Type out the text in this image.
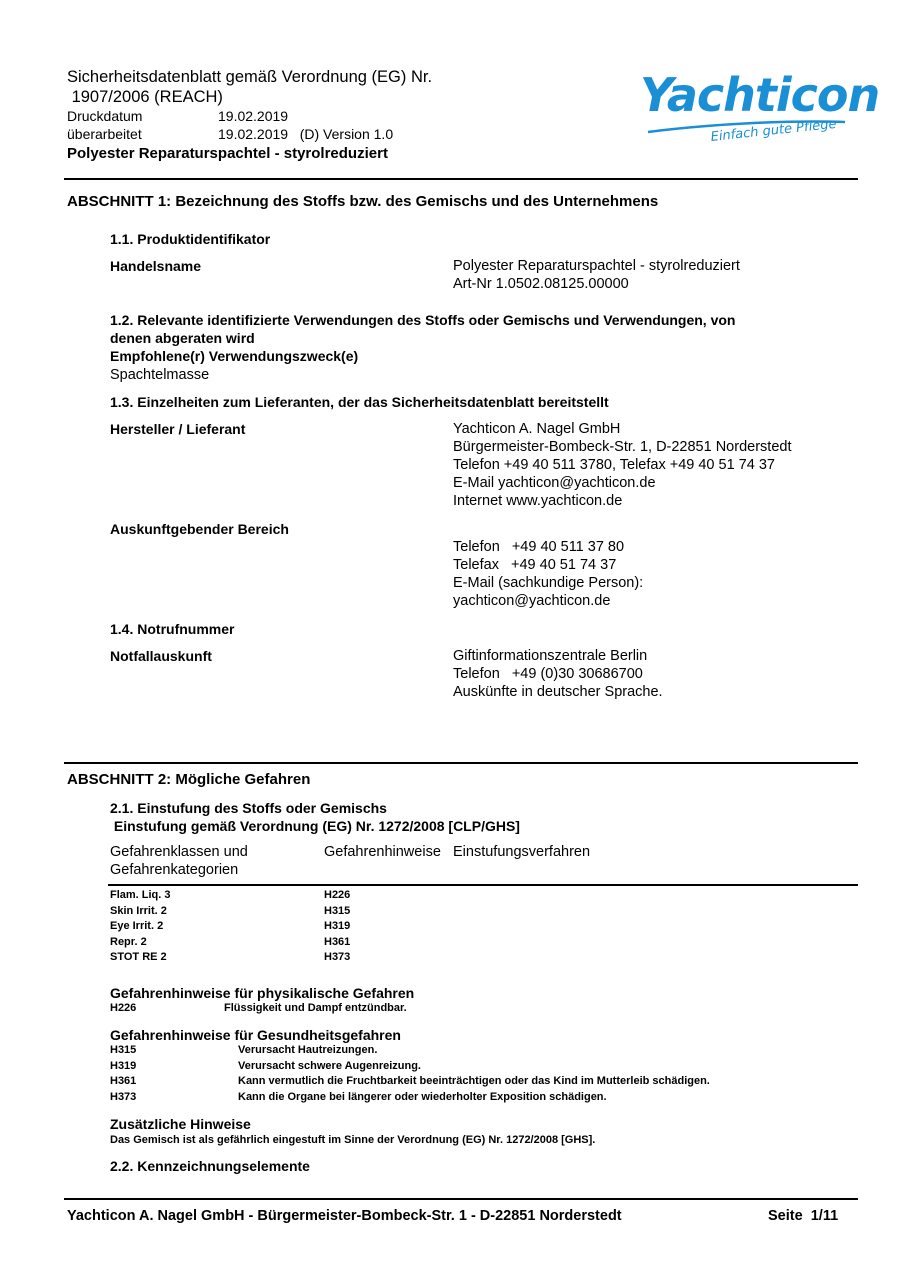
Sicherheitsdatenblatt gemäß Verordnung (EG) Nr.
1907/2006 (REACH)
Druckdatum	19.02.2019
überarbeitet	19.02.2019   (D) Version 1.0
Polyester Reparaturspachtel - styrolreduziert
Yachticon
Einfach gute Pflege
ABSCHNITT 1: Bezeichnung des Stoffs bzw. des Gemischs und des Unternehmens
1.1. Produktidentifikator
Handelsname	Polyester Reparaturspachtel - styrolreduziert
Art-Nr 1.0502.08125.00000
1.2. Relevante identifizierte Verwendungen des Stoffs oder Gemischs und Verwendungen, von
denen abgeraten wird
Empfohlene(r) Verwendungszweck(e)
Spachtelmasse
1.3. Einzelheiten zum Lieferanten, der das Sicherheitsdatenblatt bereitstellt
Hersteller / Lieferant	Yachticon A. Nagel GmbH
Bürgermeister-Bombeck-Str. 1, D-22851 Norderstedt
Telefon +49 40 511 3780, Telefax +49 40 51 74 37
E-Mail yachticon@yachticon.de
Internet www.yachticon.de
Auskunftgebender Bereich
Telefon   +49 40 511 37 80
Telefax   +49 40 51 74 37
E-Mail (sachkundige Person):
yachticon@yachticon.de
1.4. Notrufnummer
Notfallauskunft	Giftinformationszentrale Berlin
Telefon   +49 (0)30 30686700
Auskünfte in deutscher Sprache.
ABSCHNITT 2: Mögliche Gefahren
2.1. Einstufung des Stoffs oder Gemischs
Einstufung gemäß Verordnung (EG) Nr. 1272/2008 [CLP/GHS]
Gefahrenklassen und
Gefahrenkategorien
Gefahrenhinweise Einstufungsverfahren
Flam. Liq. 3	H226
Skin Irrit. 2	H315
Eye Irrit. 2	H319
Repr. 2	H361
STOT RE 2	H373
Gefahrenhinweise für physikalische Gefahren
H226	Flüssigkeit und Dampf entzündbar.
Gefahrenhinweise für Gesundheitsgefahren
H315	Verursacht Hautreizungen.
H319	Verursacht schwere Augenreizung.
H361	Kann vermutlich die Fruchtbarkeit beeinträchtigen oder das Kind im Mutterleib schädigen.
H373	Kann die Organe bei längerer oder wiederholter Exposition schädigen.
Zusätzliche Hinweise
Das Gemisch ist als gefährlich eingestuft im Sinne der Verordnung (EG) Nr. 1272/2008 [GHS].
2.2. Kennzeichnungselemente
Yachticon A. Nagel GmbH - Bürgermeister-Bombeck-Str. 1 - D-22851 Norderstedt	Seite 1/11
